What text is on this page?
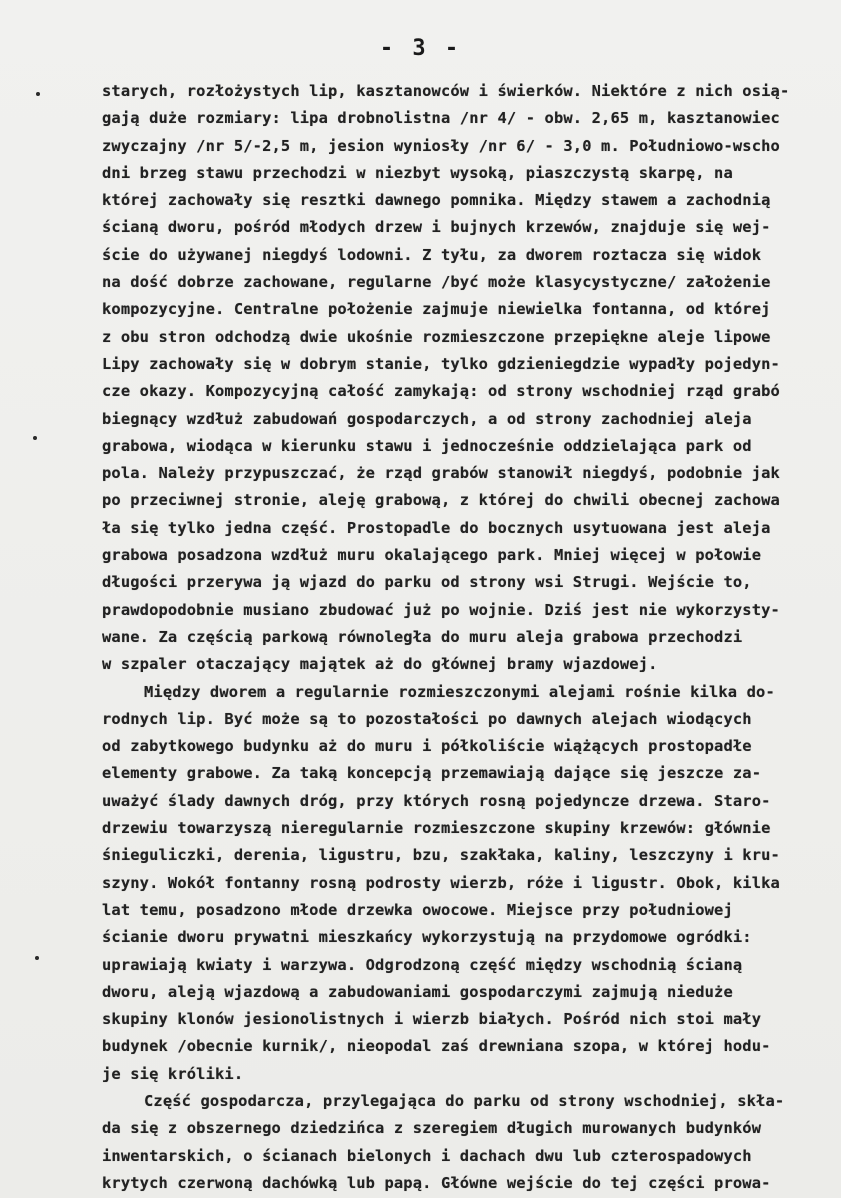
- 3 -
starych, rozłożystych lip, kasztanowców i świerków. Niektóre z nich osią-
gają duże rozmiary: lipa drobnolistna /nr 4/ - obw. 2,65 m, kasztanowiec
zwyczajny /nr 5/-2,5 m, jesion wyniosły /nr 6/ - 3,0 m. Południowo-wscho
dni brzeg stawu przechodzi w niezbyt wysoką, piaszczystą skarpę, na
której zachowały się resztki dawnego pomnika. Między stawem a zachodnią
ścianą dworu, pośród młodych drzew i bujnych krzewów, znajduje się wej-
ście do używanej niegdyś lodowni. Z tyłu, za dworem roztacza się widok
na dość dobrze zachowane, regularne /być może klasycystyczne/ założenie
kompozycyjne. Centralne położenie zajmuje niewielka fontanna, od której
z obu stron odchodzą dwie ukośnie rozmieszczone przepiękne aleje lipowe
Lipy zachowały się w dobrym stanie, tylko gdzieniegdzie wypadły pojedyn-
cze okazy. Kompozycyjną całość zamykają: od strony wschodniej rząd grabó
biegnący wzdłuż zabudowań gospodarczych, a od strony zachodniej aleja
grabowa, wiodąca w kierunku stawu i jednocześnie oddzielająca park od
pola. Należy przypuszczać, że rząd grabów stanowił niegdyś, podobnie jak
po przeciwnej stronie, aleję grabową, z której do chwili obecnej zachowa
ła się tylko jedna część. Prostopadle do bocznych usytuowana jest aleja
grabowa posadzona wzdłuż muru okalającego park. Mniej więcej w połowie
długości przerywa ją wjazd do parku od strony wsi Strugi. Wejście to,
prawdopodobnie musiano zbudować już po wojnie. Dziś jest nie wykorzysty-
wane. Za częścią parkową równoległa do muru aleja grabowa przechodzi
w szpaler otaczający majątek aż do głównej bramy wjazdowej.
Między dworem a regularnie rozmieszczonymi alejami rośnie kilka do-
rodnych lip. Być może są to pozostałości po dawnych alejach wiodących
od zabytkowego budynku aż do muru i półkoliście wiążących prostopadłe
elementy grabowe. Za taką koncepcją przemawiają dające się jeszcze za-
uważyć ślady dawnych dróg, przy których rosną pojedyncze drzewa. Staro-
drzewiu towarzyszą nieregularnie rozmieszczone skupiny krzewów: głównie
śnieguliczki, derenia, ligustru, bzu, szakłaka, kaliny, leszczyny i kru-
szyny. Wokół fontanny rosną podrosty wierzb, róże i ligustr. Obok, kilka
lat temu, posadzono młode drzewka owocowe. Miejsce przy południowej
ścianie dworu prywatni mieszkańcy wykorzystują na przydomowe ogródki:
uprawiają kwiaty i warzywa. Odgrodzoną część między wschodnią ścianą
dworu, aleją wjazdową a zabudowaniami gospodarczymi zajmują nieduże
skupiny klonów jesionolistnych i wierzb białych. Pośród nich stoi mały
budynek /obecnie kurnik/, nieopodal zaś drewniana szopa, w której hodu-
je się króliki.
Część gospodarcza, przylegająca do parku od strony wschodniej, skła-
da się z obszernego dziedzińca z szeregiem długich murowanych budynków
inwentarskich, o ścianach bielonych i dachach dwu lub czterospadowych
krytych czerwoną dachówką lub papą. Główne wejście do tej części prowa-
